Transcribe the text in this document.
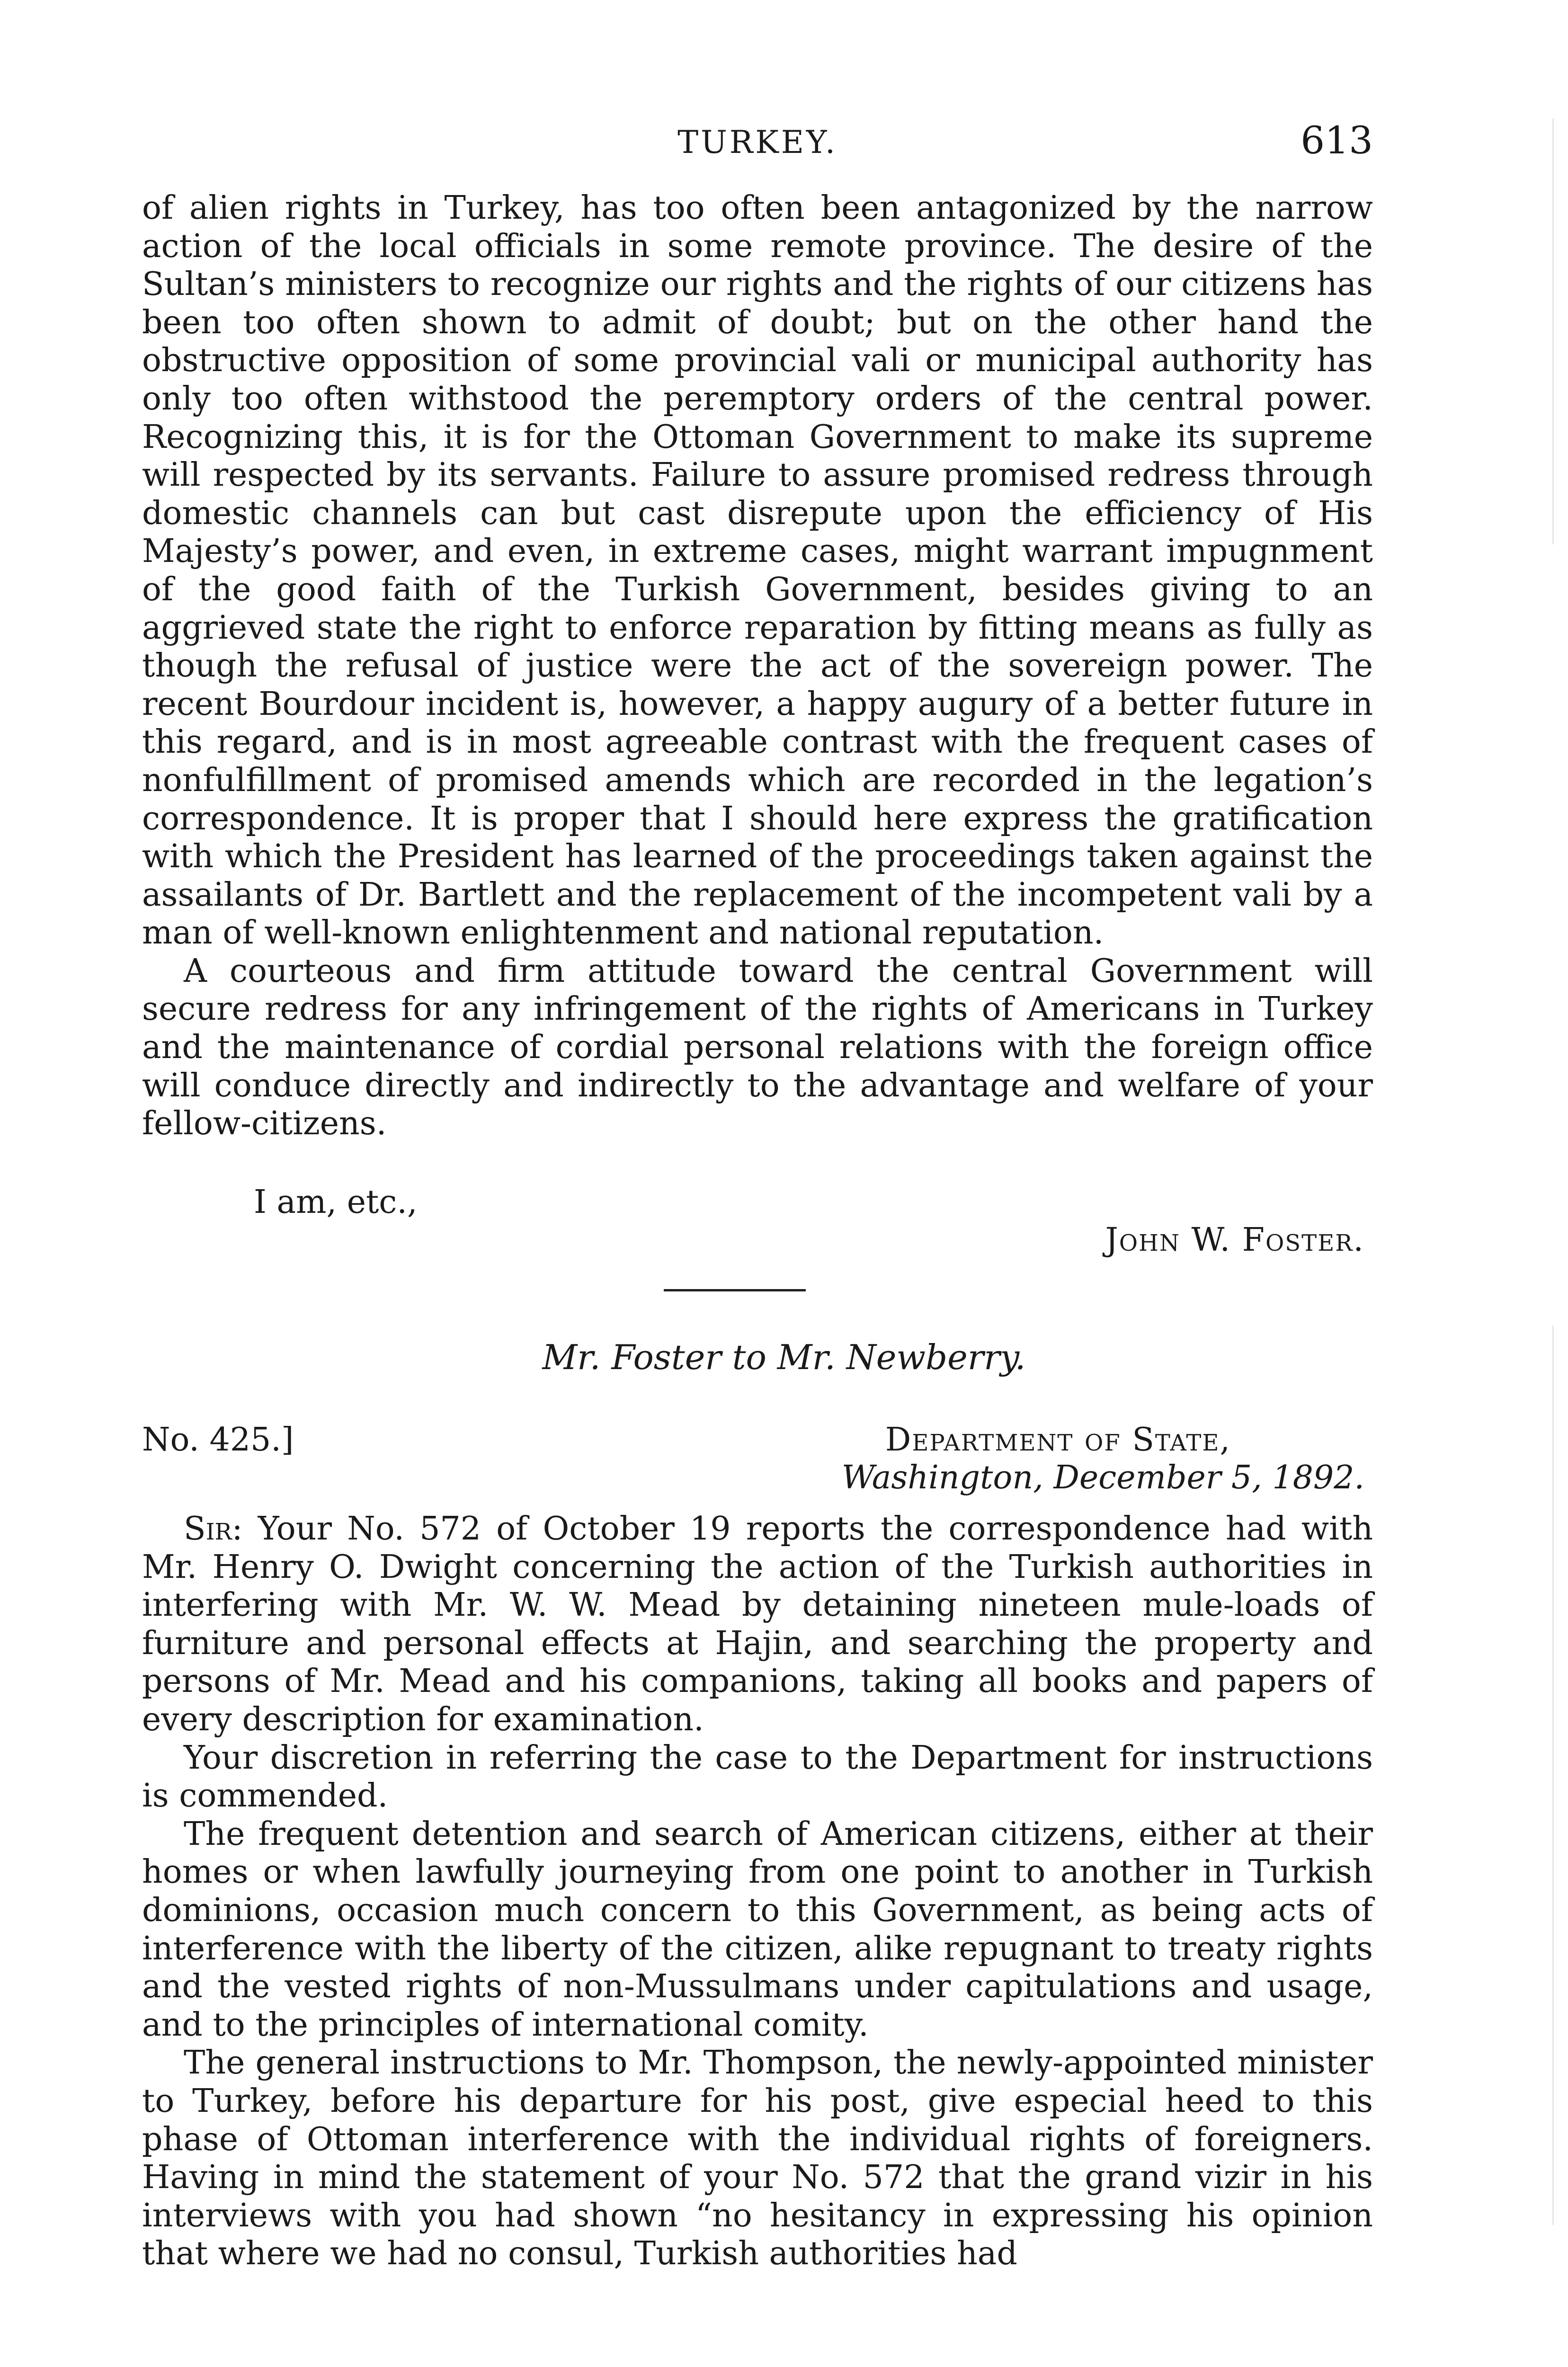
TURKEY.	613

of alien rights in Turkey, has too often been antagonized by the narrow action of the local officials in some remote province. The desire of the Sultan’s ministers to recognize our rights and the rights of our citizens has been too often shown to admit of doubt; but on the other hand the obstructive opposition of some provincial vali or municipal authority has only too often withstood the peremptory orders of the central power. Recognizing this, it is for the Ottoman Government to make its supreme will respected by its servants. Failure to assure promised redress through domestic channels can but cast disrepute upon the efficiency of His Majesty’s power, and even, in extreme cases, might warrant impugnment of the good faith of the Turkish Government, besides giving to an aggrieved state the right to enforce reparation by fitting means as fully as though the refusal of justice were the act of the sovereign power. The recent Bourdour incident is, however, a happy augury of a better future in this regard, and is in most agreeable contrast with the frequent cases of nonfulfillment of promised amends which are recorded in the legation’s correspondence. It is proper that I should here express the gratification with which the President has learned of the proceedings taken against the assailants of Dr. Bartlett and the replacement of the incompetent vali by a man of well-known enlightenment and national reputation.

A courteous and firm attitude toward the central Government will secure redress for any infringement of the rights of Americans in Turkey and the maintenance of cordial personal relations with the foreign office will conduce directly and indirectly to the advantage and welfare of your fellow-citizens.

I am, etc.,
John W. Foster.
Mr. Foster to Mr. Newberry.
No. 425.]	Department of State,
Washington, December 5, 1892.

Sir: Your No. 572 of October 19 reports the correspondence had with Mr. Henry O. Dwight concerning the action of the Turkish authorities in interfering with Mr. W. W. Mead by detaining nineteen mule-loads of furniture and personal effects at Hajin, and searching the property and persons of Mr. Mead and his companions, taking all books and papers of every description for examination.

Your discretion in referring the case to the Department for instructions is commended.

The frequent detention and search of American citizens, either at their homes or when lawfully journeying from one point to another in Turkish dominions, occasion much concern to this Government, as being acts of interference with the liberty of the citizen, alike repugnant to treaty rights and the vested rights of non-Mussulmans under capitulations and usage, and to the principles of international comity.

The general instructions to Mr. Thompson, the newly-appointed minister to Turkey, before his departure for his post, give especial heed to this phase of Ottoman interference with the individual rights of foreigners. Having in mind the statement of your No. 572 that the grand vizir in his interviews with you had shown “no hesitancy in expressing his opinion that where we had no consul, Turkish authorities had
